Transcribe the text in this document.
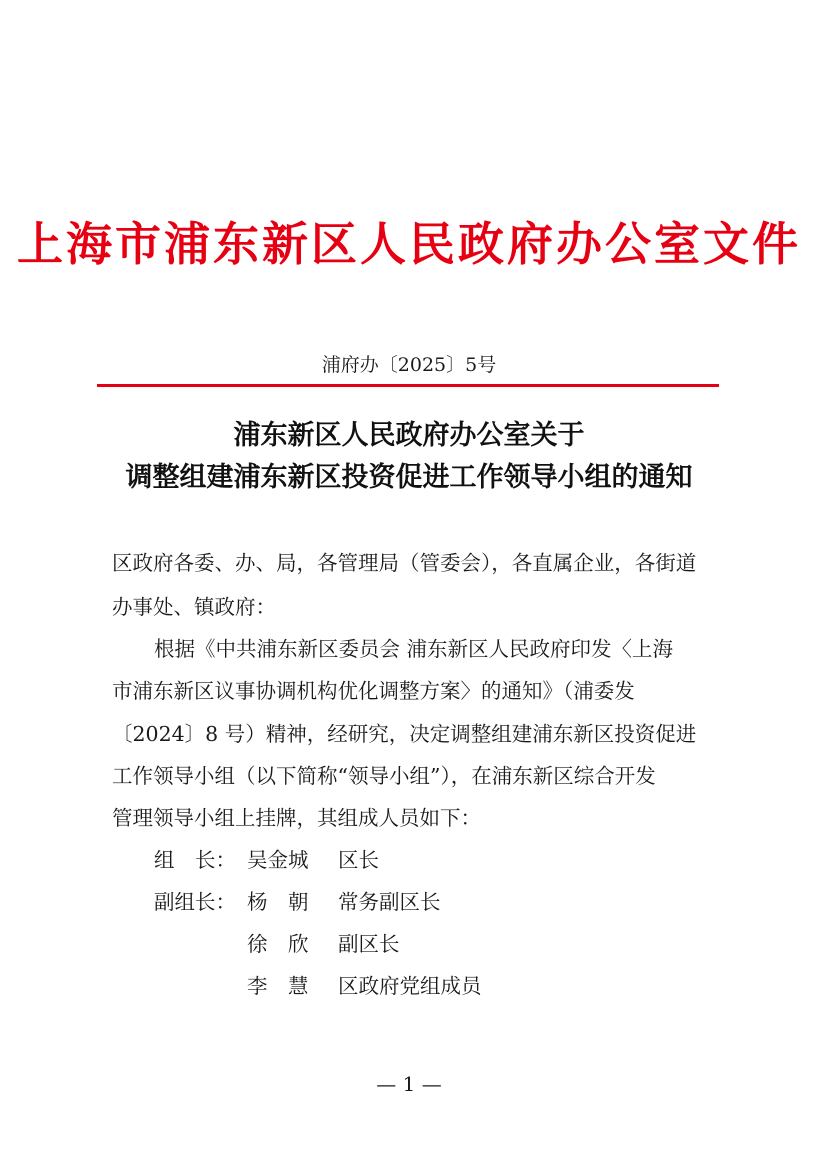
上海市浦东新区人民政府办公室文件
浦府办〔2025〕5号
浦东新区人民政府办公室关于
调整组建浦东新区投资促进工作领导小组的通知
区政府各委、办、局，各管理局（管委会），各直属企业，各街道
办事处、镇政府：
根据《中共浦东新区委员会 浦东新区人民政府印发〈上海
市浦东新区议事协调机构优化调整方案〉的通知》（浦委发
〔2024〕8 号）精神，经研究，决定调整组建浦东新区投资促进
工作领导小组（以下简称“领导小组”），在浦东新区综合开发
管理领导小组上挂牌，其组成人员如下：
组　长： 吴金城 区长
副组长： 杨　朝 常务副区长
徐　欣 副区长
李　慧 区政府党组成员
— 1 —
